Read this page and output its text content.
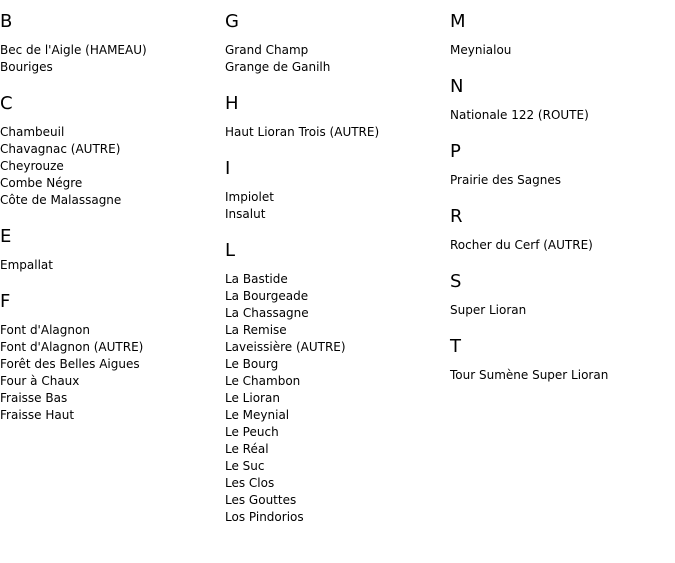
B
Bec de l'Aigle (HAMEAU)
Bouriges
C
Chambeuil
Chavagnac (AUTRE)
Cheyrouze
Combe Négre
Côte de Malassagne
E
Empallat
F
Font d'Alagnon
Font d'Alagnon (AUTRE)
Forêt des Belles Aigues
Four à Chaux
Fraisse Bas
Fraisse Haut
G
Grand Champ
Grange de Ganilh
H
Haut Lioran Trois (AUTRE)
I
Impiolet
Insalut
L
La Bastide
La Bourgeade
La Chassagne
La Remise
Laveissière (AUTRE)
Le Bourg
Le Chambon
Le Lioran
Le Meynial
Le Peuch
Le Réal
Le Suc
Les Clos
Les Gouttes
Los Pindorios
M
Meynialou
N
Nationale 122 (ROUTE)
P
Prairie des Sagnes
R
Rocher du Cerf (AUTRE)
S
Super Lioran
T
Tour Sumène Super Lioran
